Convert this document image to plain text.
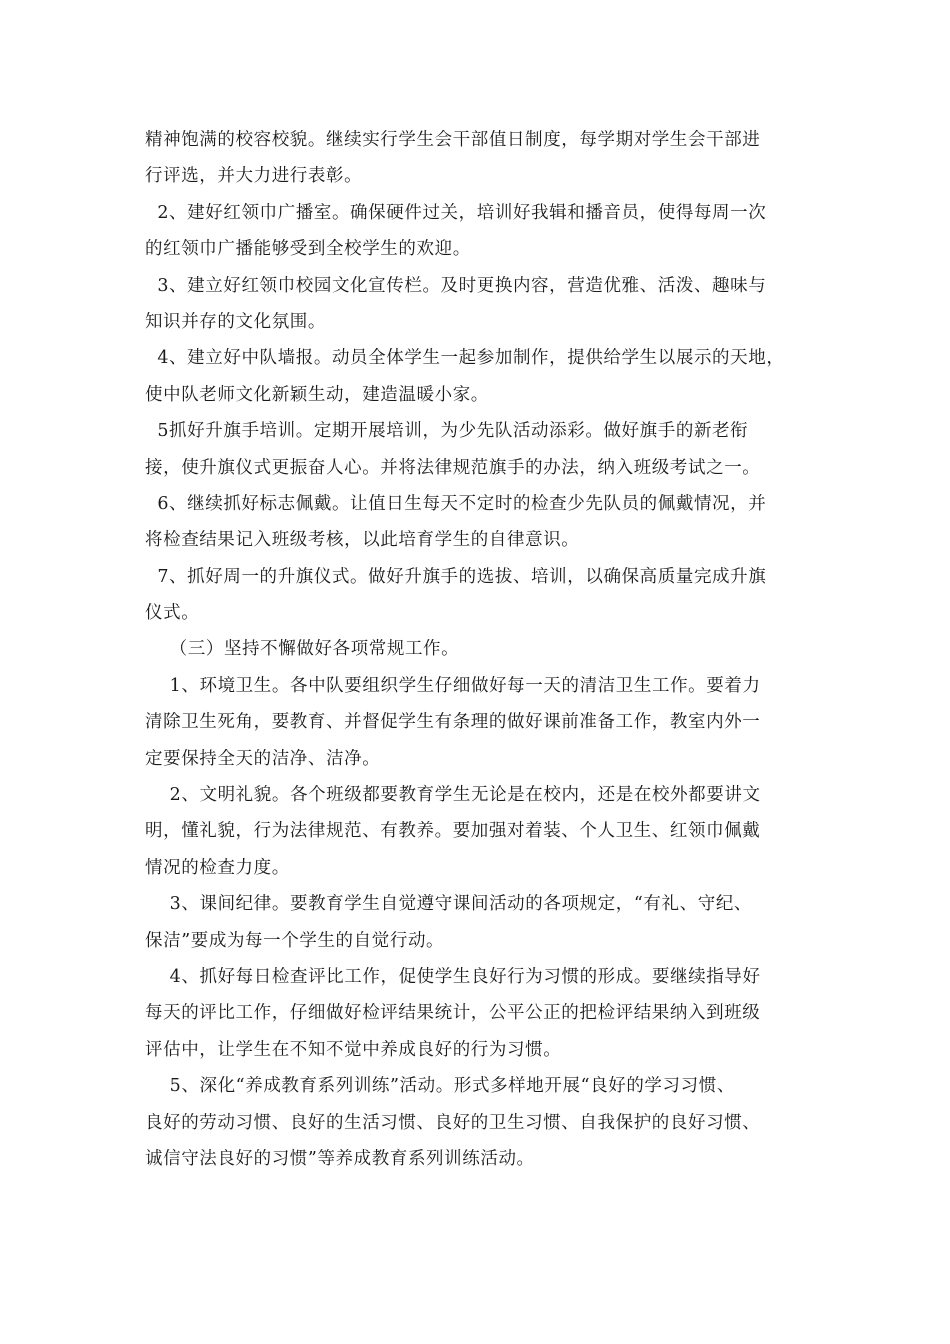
精神饱满的校容校貌。继续实行学生会干部值日制度，每学期对学生会干部进
行评选，并大力进行表彰。
2、建好红领巾广播室。确保硬件过关，培训好我辑和播音员，使得每周一次
的红领巾广播能够受到全校学生的欢迎。
3、建立好红领巾校园文化宣传栏。及时更换内容，营造优雅、活泼、趣味与
知识并存的文化氛围。
4、建立好中队墙报。动员全体学生一起参加制作，提供给学生以展示的天地，
使中队老师文化新颖生动，建造温暖小家。
5抓好升旗手培训。定期开展培训，为少先队活动添彩。做好旗手的新老衔
接，使升旗仪式更振奋人心。并将法律规范旗手的办法，纳入班级考试之一。
6、继续抓好标志佩戴。让值日生每天不定时的检查少先队员的佩戴情况，并
将检查结果记入班级考核，以此培育学生的自律意识。
7、抓好周一的升旗仪式。做好升旗手的选拔、培训，以确保高质量完成升旗
仪式。
（三）坚持不懈做好各项常规工作。
1、环境卫生。各中队要组织学生仔细做好每一天的清洁卫生工作。要着力
清除卫生死角，要教育、并督促学生有条理的做好课前准备工作，教室内外一
定要保持全天的洁净、洁净。
2、文明礼貌。各个班级都要教育学生无论是在校内，还是在校外都要讲文
明，懂礼貌，行为法律规范、有教养。要加强对着装、个人卫生、红领巾佩戴
情况的检查力度。
3、课间纪律。要教育学生自觉遵守课间活动的各项规定，“有礼、守纪、
保洁”要成为每一个学生的自觉行动。
4、抓好每日检查评比工作，促使学生良好行为习惯的形成。要继续指导好
每天的评比工作，仔细做好检评结果统计，公平公正的把检评结果纳入到班级
评估中，让学生在不知不觉中养成良好的行为习惯。
5、深化“养成教育系列训练”活动。形式多样地开展“良好的学习习惯、
良好的劳动习惯、良好的生活习惯、良好的卫生习惯、自我保护的良好习惯、
诚信守法良好的习惯”等养成教育系列训练活动。
